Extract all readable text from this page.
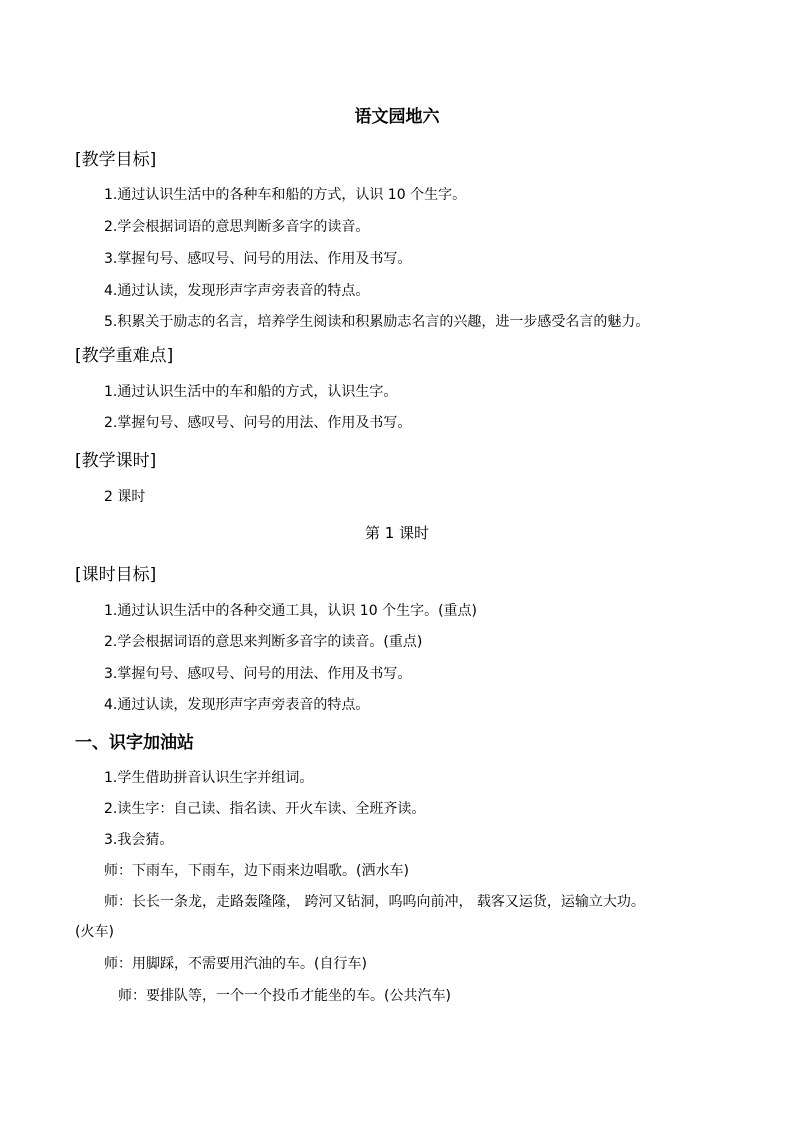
语文园地六
[教学目标]
1.通过认识生活中的各种车和船的方式，认识 10 个生字。
2.学会根据词语的意思判断多音字的读音。
3.掌握句号、感叹号、问号的用法、作用及书写。
4.通过认读，发现形声字声旁表音的特点。
5.积累关于励志的名言，培养学生阅读和积累励志名言的兴趣，进一步感受名言的魅力。
[教学重难点]
1.通过认识生活中的车和船的方式，认识生字。
2.掌握句号、感叹号、问号的用法、作用及书写。
[教学课时]
2 课时
第 1 课时
[课时目标]
1.通过认识生活中的各种交通工具，认识 10 个生字。(重点)
2.学会根据词语的意思来判断多音字的读音。(重点)
3.掌握句号、感叹号、问号的用法、作用及书写。
4.通过认读，发现形声字声旁表音的特点。
一、识字加油站
1.学生借助拼音认识生字并组词。
2.读生字：自己读、指名读、开火车读、全班齐读。
3.我会猜。
师：下雨车，下雨车，边下雨来边唱歌。(洒水车)
师：长长一条龙，走路轰隆隆， 跨河又钻洞，呜呜向前冲， 载客又运货，运输立大功。
(火车)
师：用脚踩，不需要用汽油的车。(自行车)
师：要排队等，一个一个投币才能坐的车。(公共汽车)
